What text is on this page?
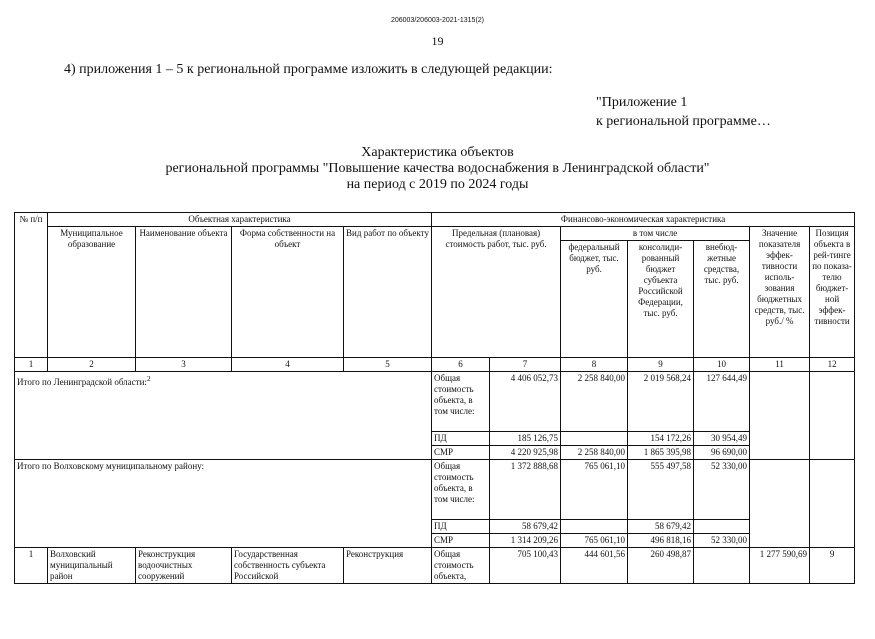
206003/206003-2021-1315(2)
19
4) приложения 1 – 5 к региональной программе изложить в следующей редакции:
"Приложение 1
к региональной программе…
Характеристика объектов
региональной программы "Повышение качества водоснабжения в Ленинградской области"
на период с 2019 по 2024 годы
№ п/п	Объектная характеристика				Финансово-экономическая характеристика						
	Муниципальное образование	Наименование объекта	Форма собственности на объект	Вид работ по объекту	Предельная (плановая) стоимость работ, тыс. руб.		в том числе			Значение показателя эффек-тивности исполь-зования бюджетных средств, тыс. руб./ %	Позиция объекта в рей-тинге по показа-телю бюджет-ной эффек-тивности
							федеральный бюджет, тыс. руб.	консолиди-рованный бюджет субъекта Российской Федерации, тыс. руб.	внебюд-жетные средства, тыс. руб.		
1	2	3	4	5	6	7	8	9	10	11	12
Итого по Ленинградской области:$^2$					Общая стоимость объекта, в том числе:	4 406 052,73	2 258 840,00	2 019 568,24	127 644,49		
					ПД	185 126,75		154 172,26	30 954,49		
					СМР	4 220 925,98	2 258 840,00	1 865 395,98	96 690,00		
Итого по Волховскому муниципальному району:					Общая стоимость объекта, в том числе:	1 372 888,68	765 061,10	555 497,58	52 330,00		
					ПД	58 679,42		58 679,42			
					СМР	1 314 209,26	765 061,10	496 818,16	52 330,00		
1	Волховский муниципальный район	Реконструкция водоочистных сооружений	Государственная собственность субъекта Российской	Реконструкция	Общая стоимость объекта,	705 100,43	444 601,56	260 498,87		1 277 590,69	9
